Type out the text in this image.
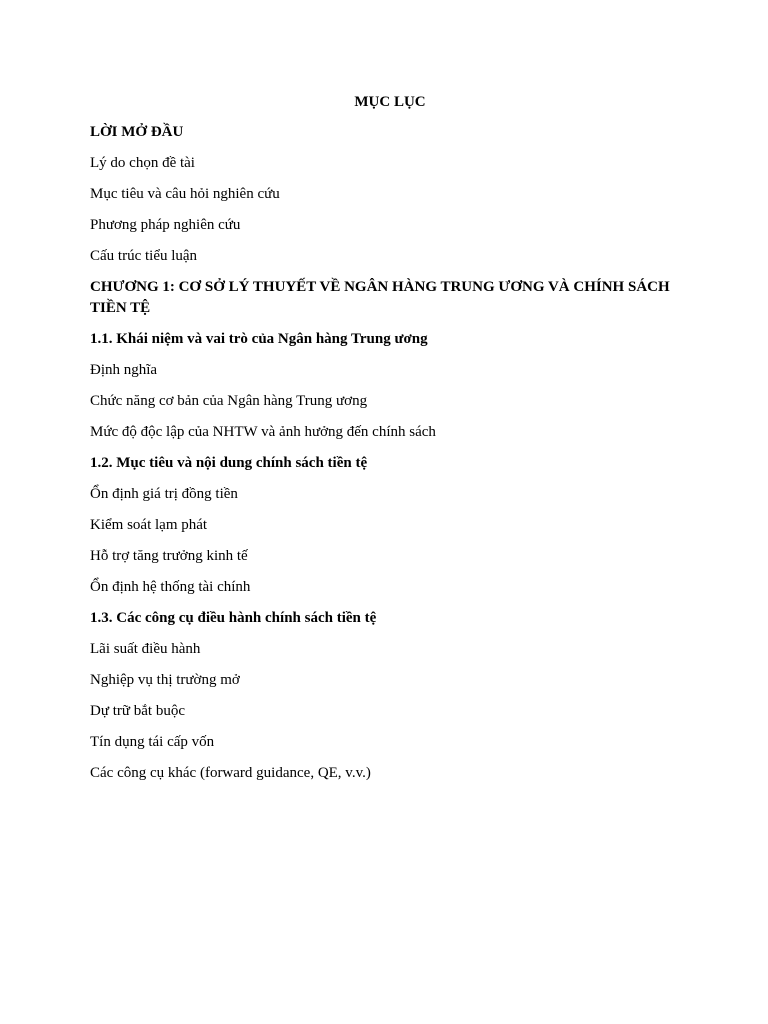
MỤC LỤC
LỜI MỞ ĐẦU
Lý do chọn đề tài
Mục tiêu và câu hỏi nghiên cứu
Phương pháp nghiên cứu
Cấu trúc tiểu luận
CHƯƠNG 1: CƠ SỞ LÝ THUYẾT VỀ NGÂN HÀNG TRUNG ƯƠNG VÀ CHÍNH SÁCH TIỀN TỆ
1.1. Khái niệm và vai trò của Ngân hàng Trung ương
Định nghĩa
Chức năng cơ bản của Ngân hàng Trung ương
Mức độ độc lập của NHTW và ảnh hưởng đến chính sách
1.2. Mục tiêu và nội dung chính sách tiền tệ
Ổn định giá trị đồng tiền
Kiểm soát lạm phát
Hỗ trợ tăng trưởng kinh tế
Ổn định hệ thống tài chính
1.3. Các công cụ điều hành chính sách tiền tệ
Lãi suất điều hành
Nghiệp vụ thị trường mở
Dự trữ bắt buộc
Tín dụng tái cấp vốn
Các công cụ khác (forward guidance, QE, v.v.)
